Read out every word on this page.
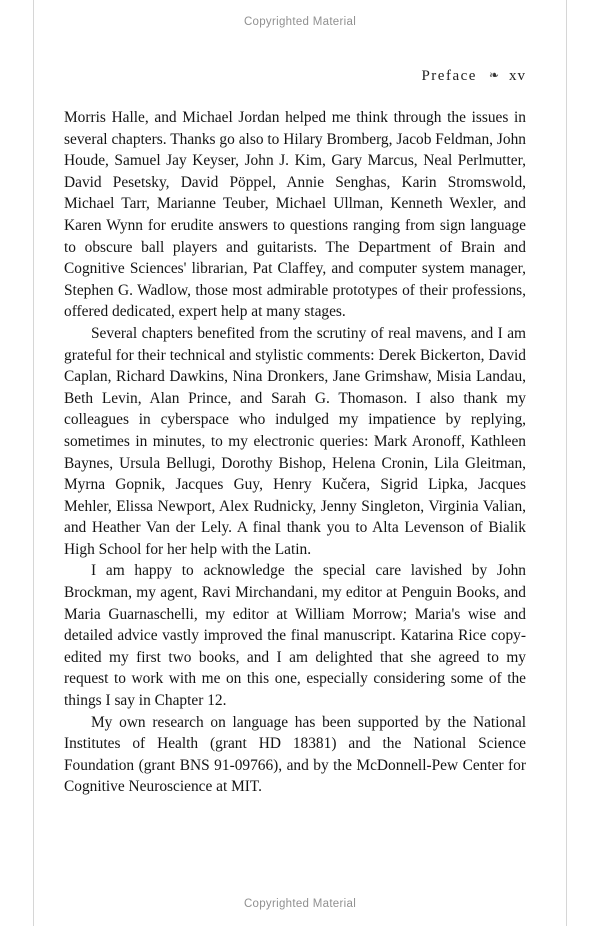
Copyrighted Material
Preface ❧ xv

Morris Halle, and Michael Jordan helped me think through the issues in several chapters. Thanks go also to Hilary Bromberg, Jacob Feldman, John Houde, Samuel Jay Keyser, John J. Kim, Gary Marcus, Neal Perlmutter, David Pesetsky, David Pöppel, Annie Senghas, Karin Stromswold, Michael Tarr, Marianne Teuber, Michael Ullman, Kenneth Wexler, and Karen Wynn for erudite answers to questions ranging from sign language to obscure ball players and guitarists. The Department of Brain and Cognitive Sciences' librarian, Pat Claffey, and computer system manager, Stephen G. Wadlow, those most admirable prototypes of their professions, offered dedicated, expert help at many stages.

Several chapters benefited from the scrutiny of real mavens, and I am grateful for their technical and stylistic comments: Derek Bickerton, David Caplan, Richard Dawkins, Nina Dronkers, Jane Grimshaw, Misia Landau, Beth Levin, Alan Prince, and Sarah G. Thomason. I also thank my colleagues in cyberspace who indulged my impatience by replying, sometimes in minutes, to my electronic queries: Mark Aronoff, Kathleen Baynes, Ursula Bellugi, Dorothy Bishop, Helena Cronin, Lila Gleitman, Myrna Gopnik, Jacques Guy, Henry Kučera, Sigrid Lipka, Jacques Mehler, Elissa Newport, Alex Rudnicky, Jenny Singleton, Virginia Valian, and Heather Van der Lely. A final thank you to Alta Levenson of Bialik High School for her help with the Latin.

I am happy to acknowledge the special care lavished by John Brockman, my agent, Ravi Mirchandani, my editor at Penguin Books, and Maria Guarnaschelli, my editor at William Morrow; Maria's wise and detailed advice vastly improved the final manuscript. Katarina Rice copy-edited my first two books, and I am delighted that she agreed to my request to work with me on this one, especially considering some of the things I say in Chapter 12.

My own research on language has been supported by the National Institutes of Health (grant HD 18381) and the National Science Foundation (grant BNS 91-09766), and by the McDonnell-Pew Center for Cognitive Neuroscience at MIT.

Copyrighted Material
